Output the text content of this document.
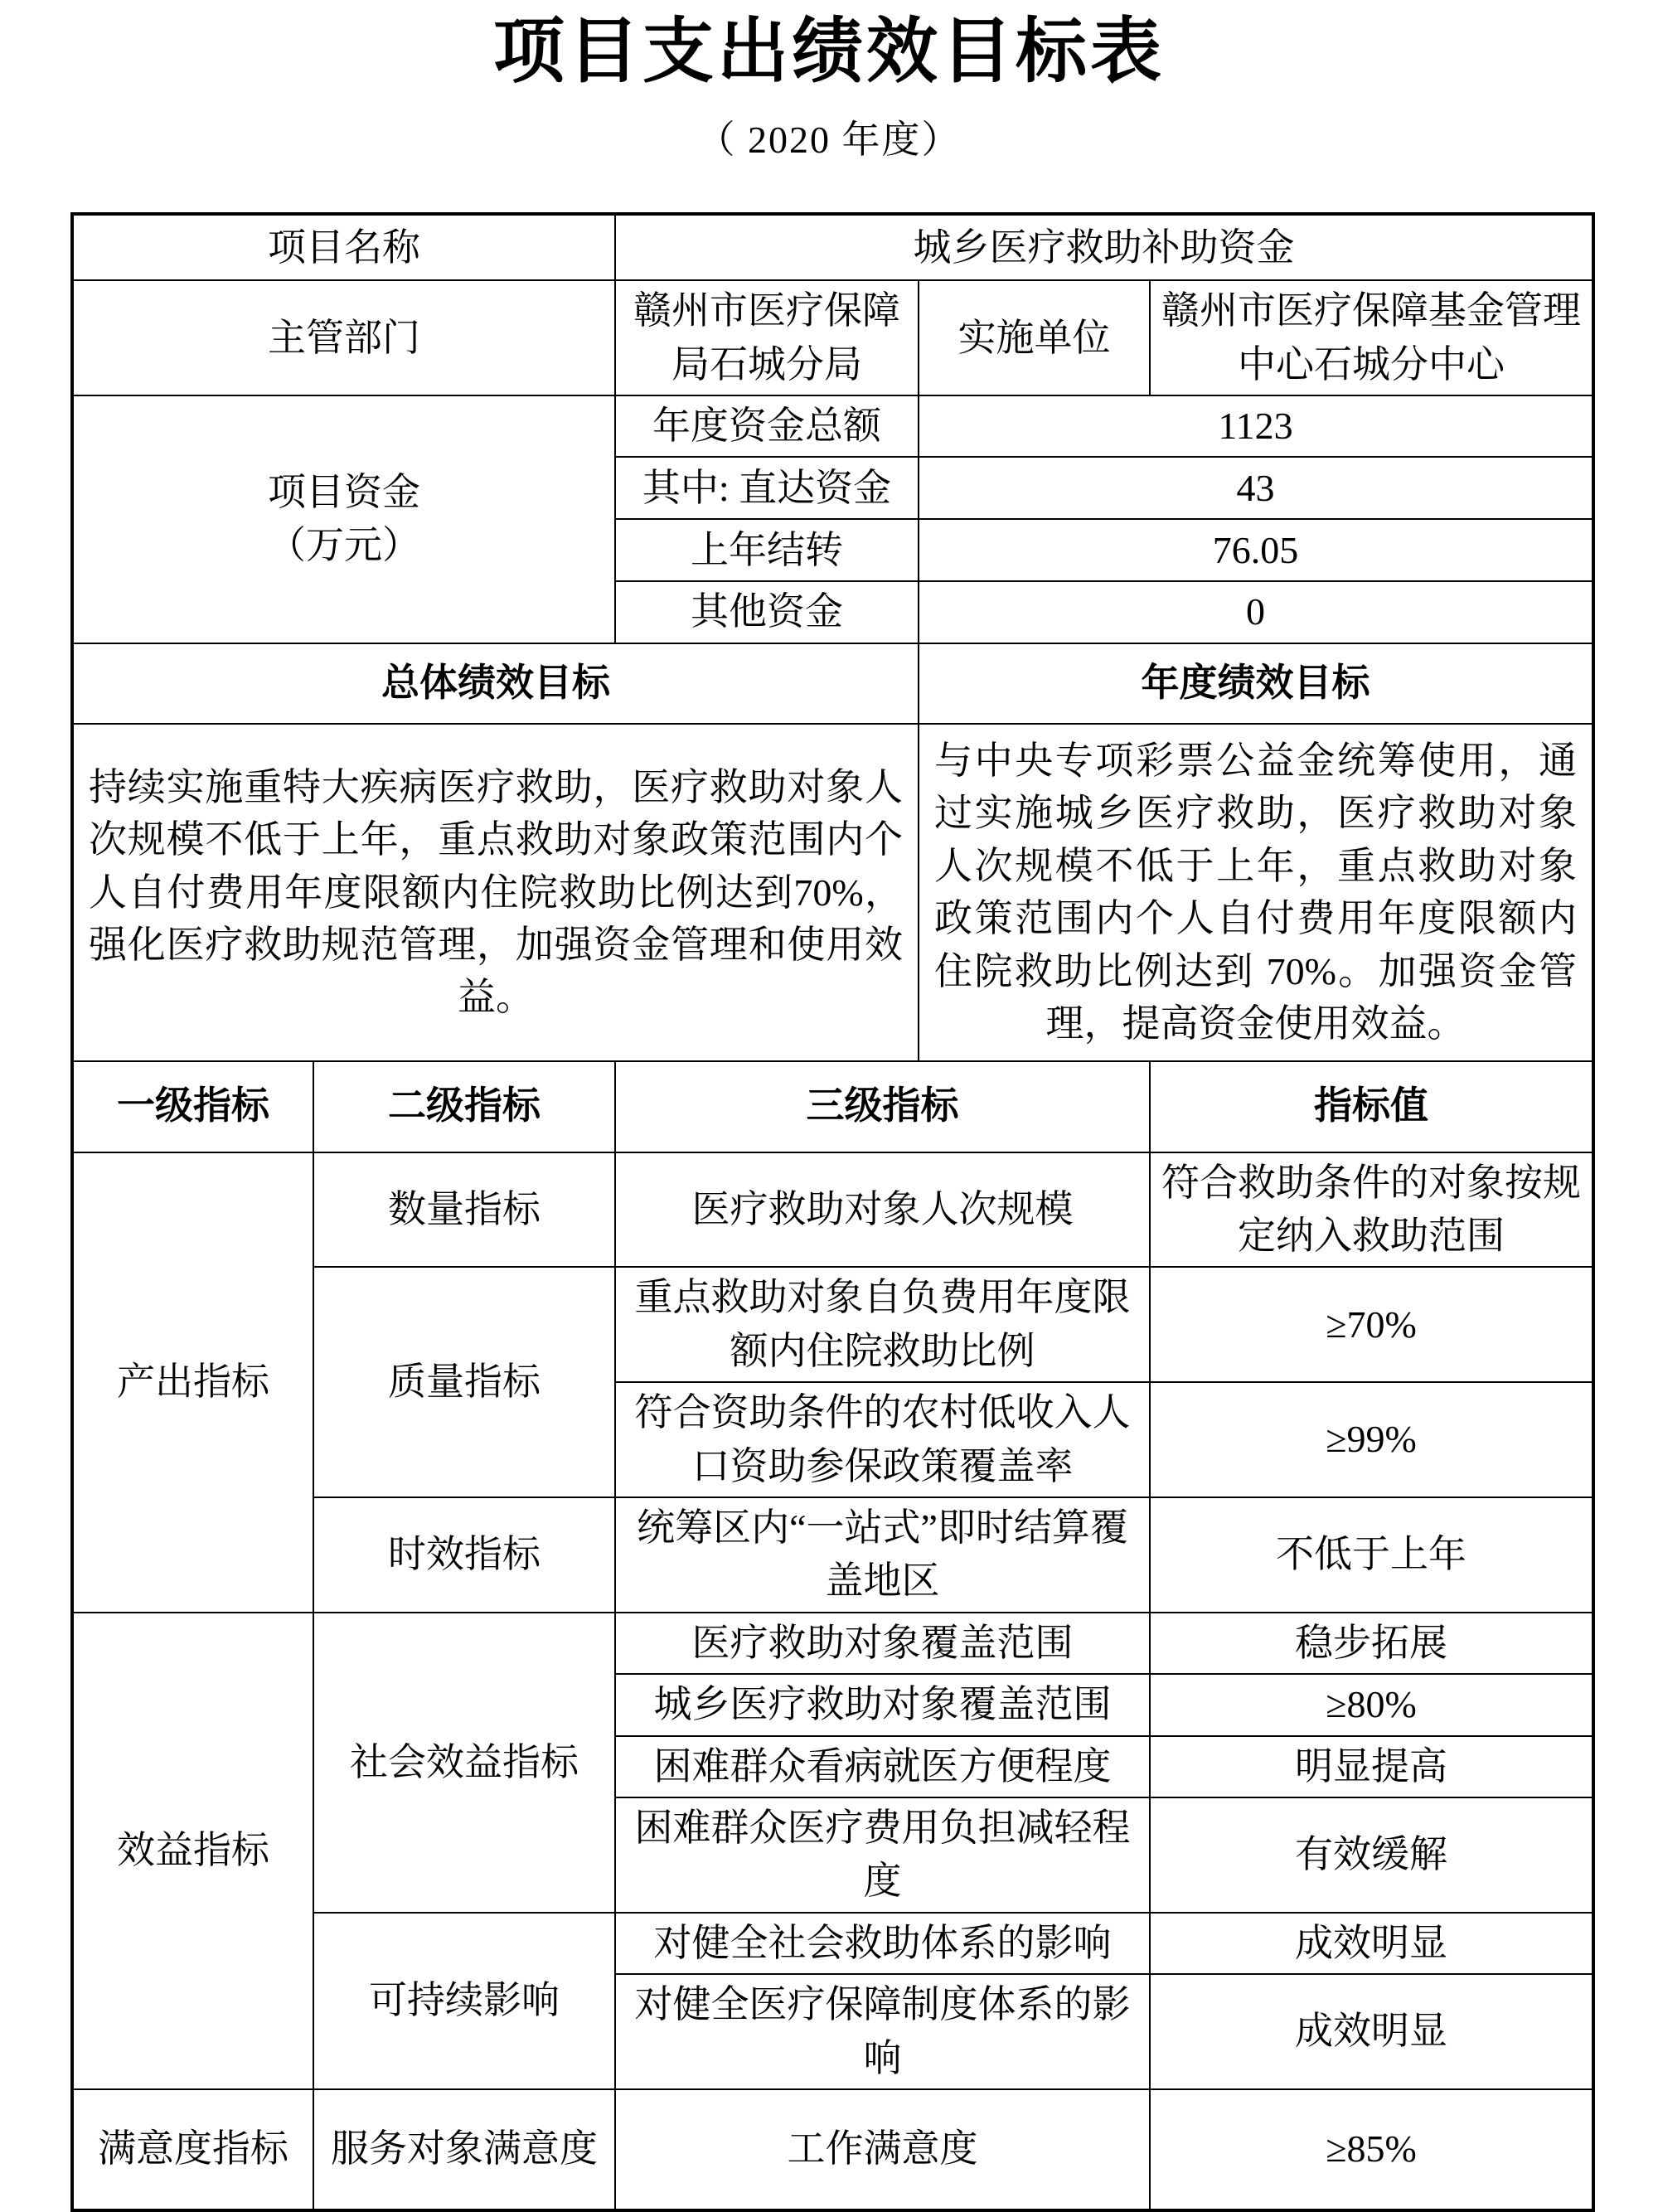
项目支出绩效目标表
（ 2020 年度）
项目名称		城乡医疗救助补助资金		
主管部门		赣州市医疗保障局石城分局	实施单位	赣州市医疗保障基金管理中心石城分中心
项目资金
（万元）		年度资金总额	1123	
		其中: 直达资金	43	
		上年结转	76.05	
		其他资金	0	
总体绩效目标			年度绩效目标	
持续实施重特大疾病医疗救助，医疗救助对象人次规模不低于上年，重点救助对象政策范围内个人自付费用年度限额内住院救助比例达到70%，强化医疗救助规范管理，加强资金管理和使用效益。			与中央专项彩票公益金统筹使用，通过实施城乡医疗救助，医疗救助对象人次规模不低于上年，重点救助对象政策范围内个人自付费用年度限额内住院救助比例达到 70%。加强资金管理，提高资金使用效益。	
一级指标	二级指标	三级指标		指标值
产出指标	数量指标	医疗救助对象人次规模		符合救助条件的对象按规定纳入救助范围
	质量指标	重点救助对象自负费用年度限额内住院救助比例		≥70%
		符合资助条件的农村低收入人口资助参保政策覆盖率		≥99%
	时效指标	统筹区内“一站式”即时结算覆盖地区		不低于上年
效益指标	社会效益指标	医疗救助对象覆盖范围		稳步拓展
		城乡医疗救助对象覆盖范围		≥80%
		困难群众看病就医方便程度		明显提高
		困难群众医疗费用负担减轻程度		有效缓解
	可持续影响	对健全社会救助体系的影响		成效明显
		对健全医疗保障制度体系的影响		成效明显
满意度指标	服务对象满意度	工作满意度		≥85%
